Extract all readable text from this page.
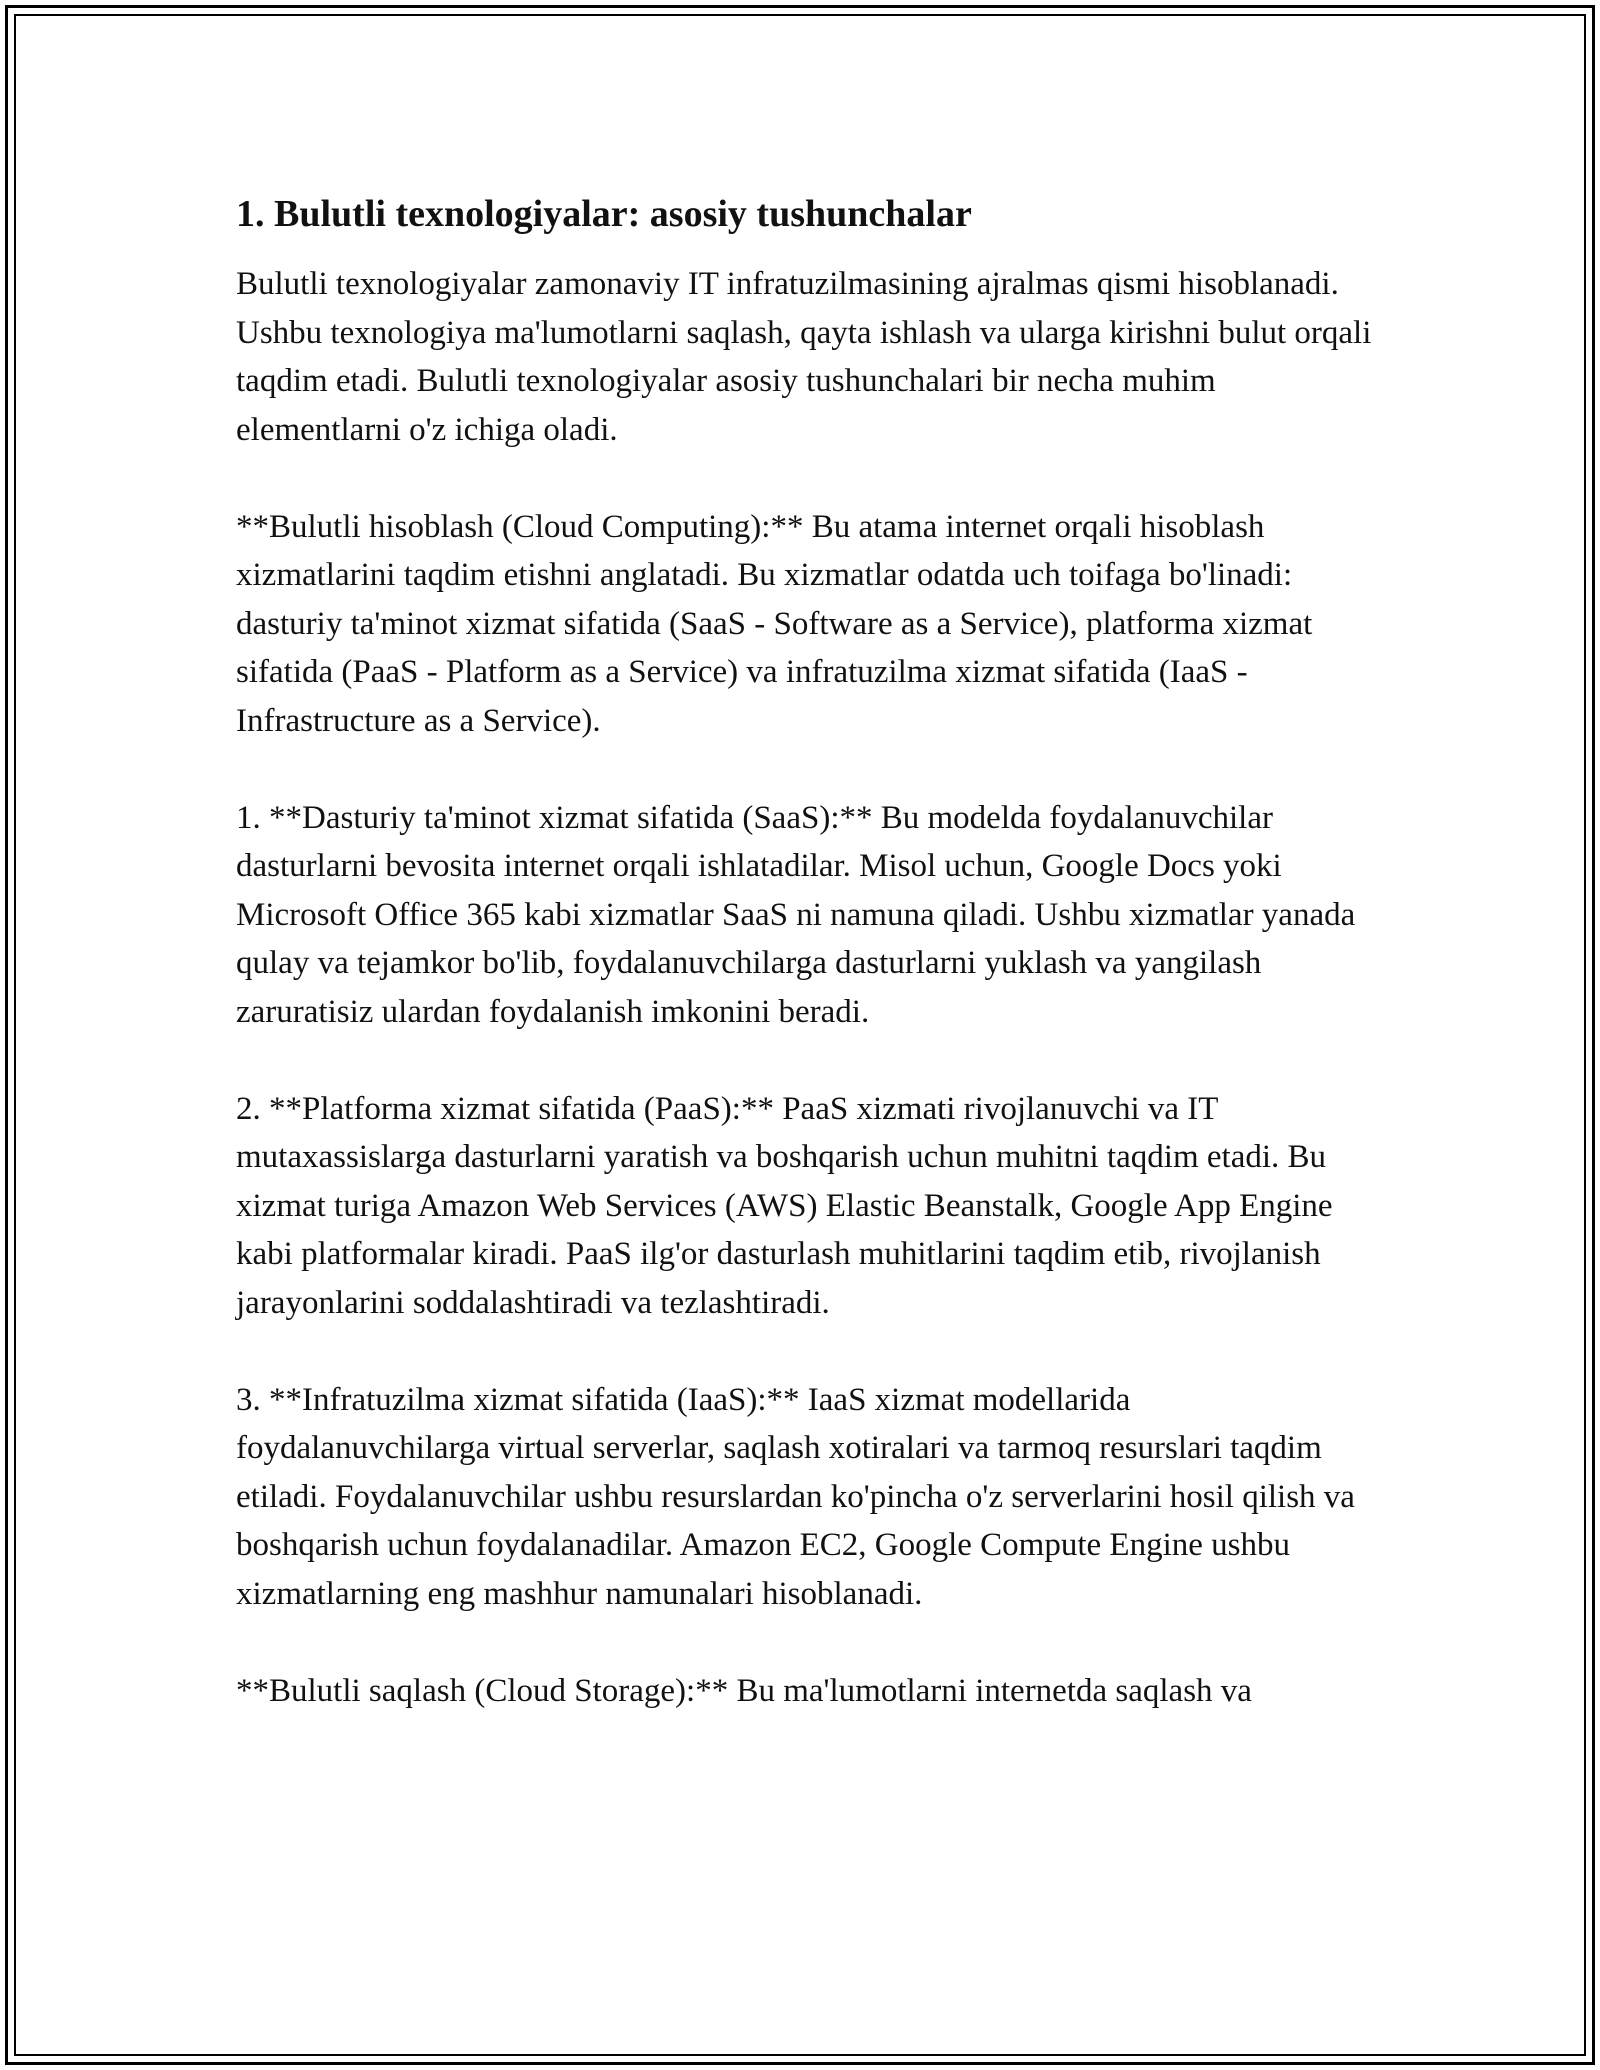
1. Bulutli texnologiyalar: asosiy tushunchalar

Bulutli texnologiyalar zamonaviy IT infratuzilmasining ajralmas qismi hisoblanadi. Ushbu texnologiya ma'lumotlarni saqlash, qayta ishlash va ularga kirishni bulut orqali taqdim etadi. Bulutli texnologiyalar asosiy tushunchalari bir necha muhim elementlarni o'z ichiga oladi.

**Bulutli hisoblash (Cloud Computing):** Bu atama internet orqali hisoblash xizmatlarini taqdim etishni anglatadi. Bu xizmatlar odatda uch toifaga bo'linadi: dasturiy ta'minot xizmat sifatida (SaaS - Software as a Service), platforma xizmat sifatida (PaaS - Platform as a Service) va infratuzilma xizmat sifatida (IaaS - Infrastructure as a Service).

1. **Dasturiy ta'minot xizmat sifatida (SaaS):** Bu modelda foydalanuvchilar dasturlarni bevosita internet orqali ishlatadilar. Misol uchun, Google Docs yoki Microsoft Office 365 kabi xizmatlar SaaS ni namuna qiladi. Ushbu xizmatlar yanada qulay va tejamkor bo'lib, foydalanuvchilarga dasturlarni yuklash va yangilash zaruratisiz ulardan foydalanish imkonini beradi.

2. **Platforma xizmat sifatida (PaaS):** PaaS xizmati rivojlanuvchi va IT mutaxassislarga dasturlarni yaratish va boshqarish uchun muhitni taqdim etadi. Bu xizmat turiga Amazon Web Services (AWS) Elastic Beanstalk, Google App Engine kabi platformalar kiradi. PaaS ilg'or dasturlash muhitlarini taqdim etib, rivojlanish jarayonlarini soddalashtiradi va tezlashtiradi.

3. **Infratuzilma xizmat sifatida (IaaS):** IaaS xizmat modellarida foydalanuvchilarga virtual serverlar, saqlash xotiralari va tarmoq resurslari taqdim etiladi. Foydalanuvchilar ushbu resurslardan ko'pincha o'z serverlarini hosil qilish va boshqarish uchun foydalanadilar. Amazon EC2, Google Compute Engine ushbu xizmatlarning eng mashhur namunalari hisoblanadi.

**Bulutli saqlash (Cloud Storage):** Bu ma'lumotlarni internetda saqlash va
